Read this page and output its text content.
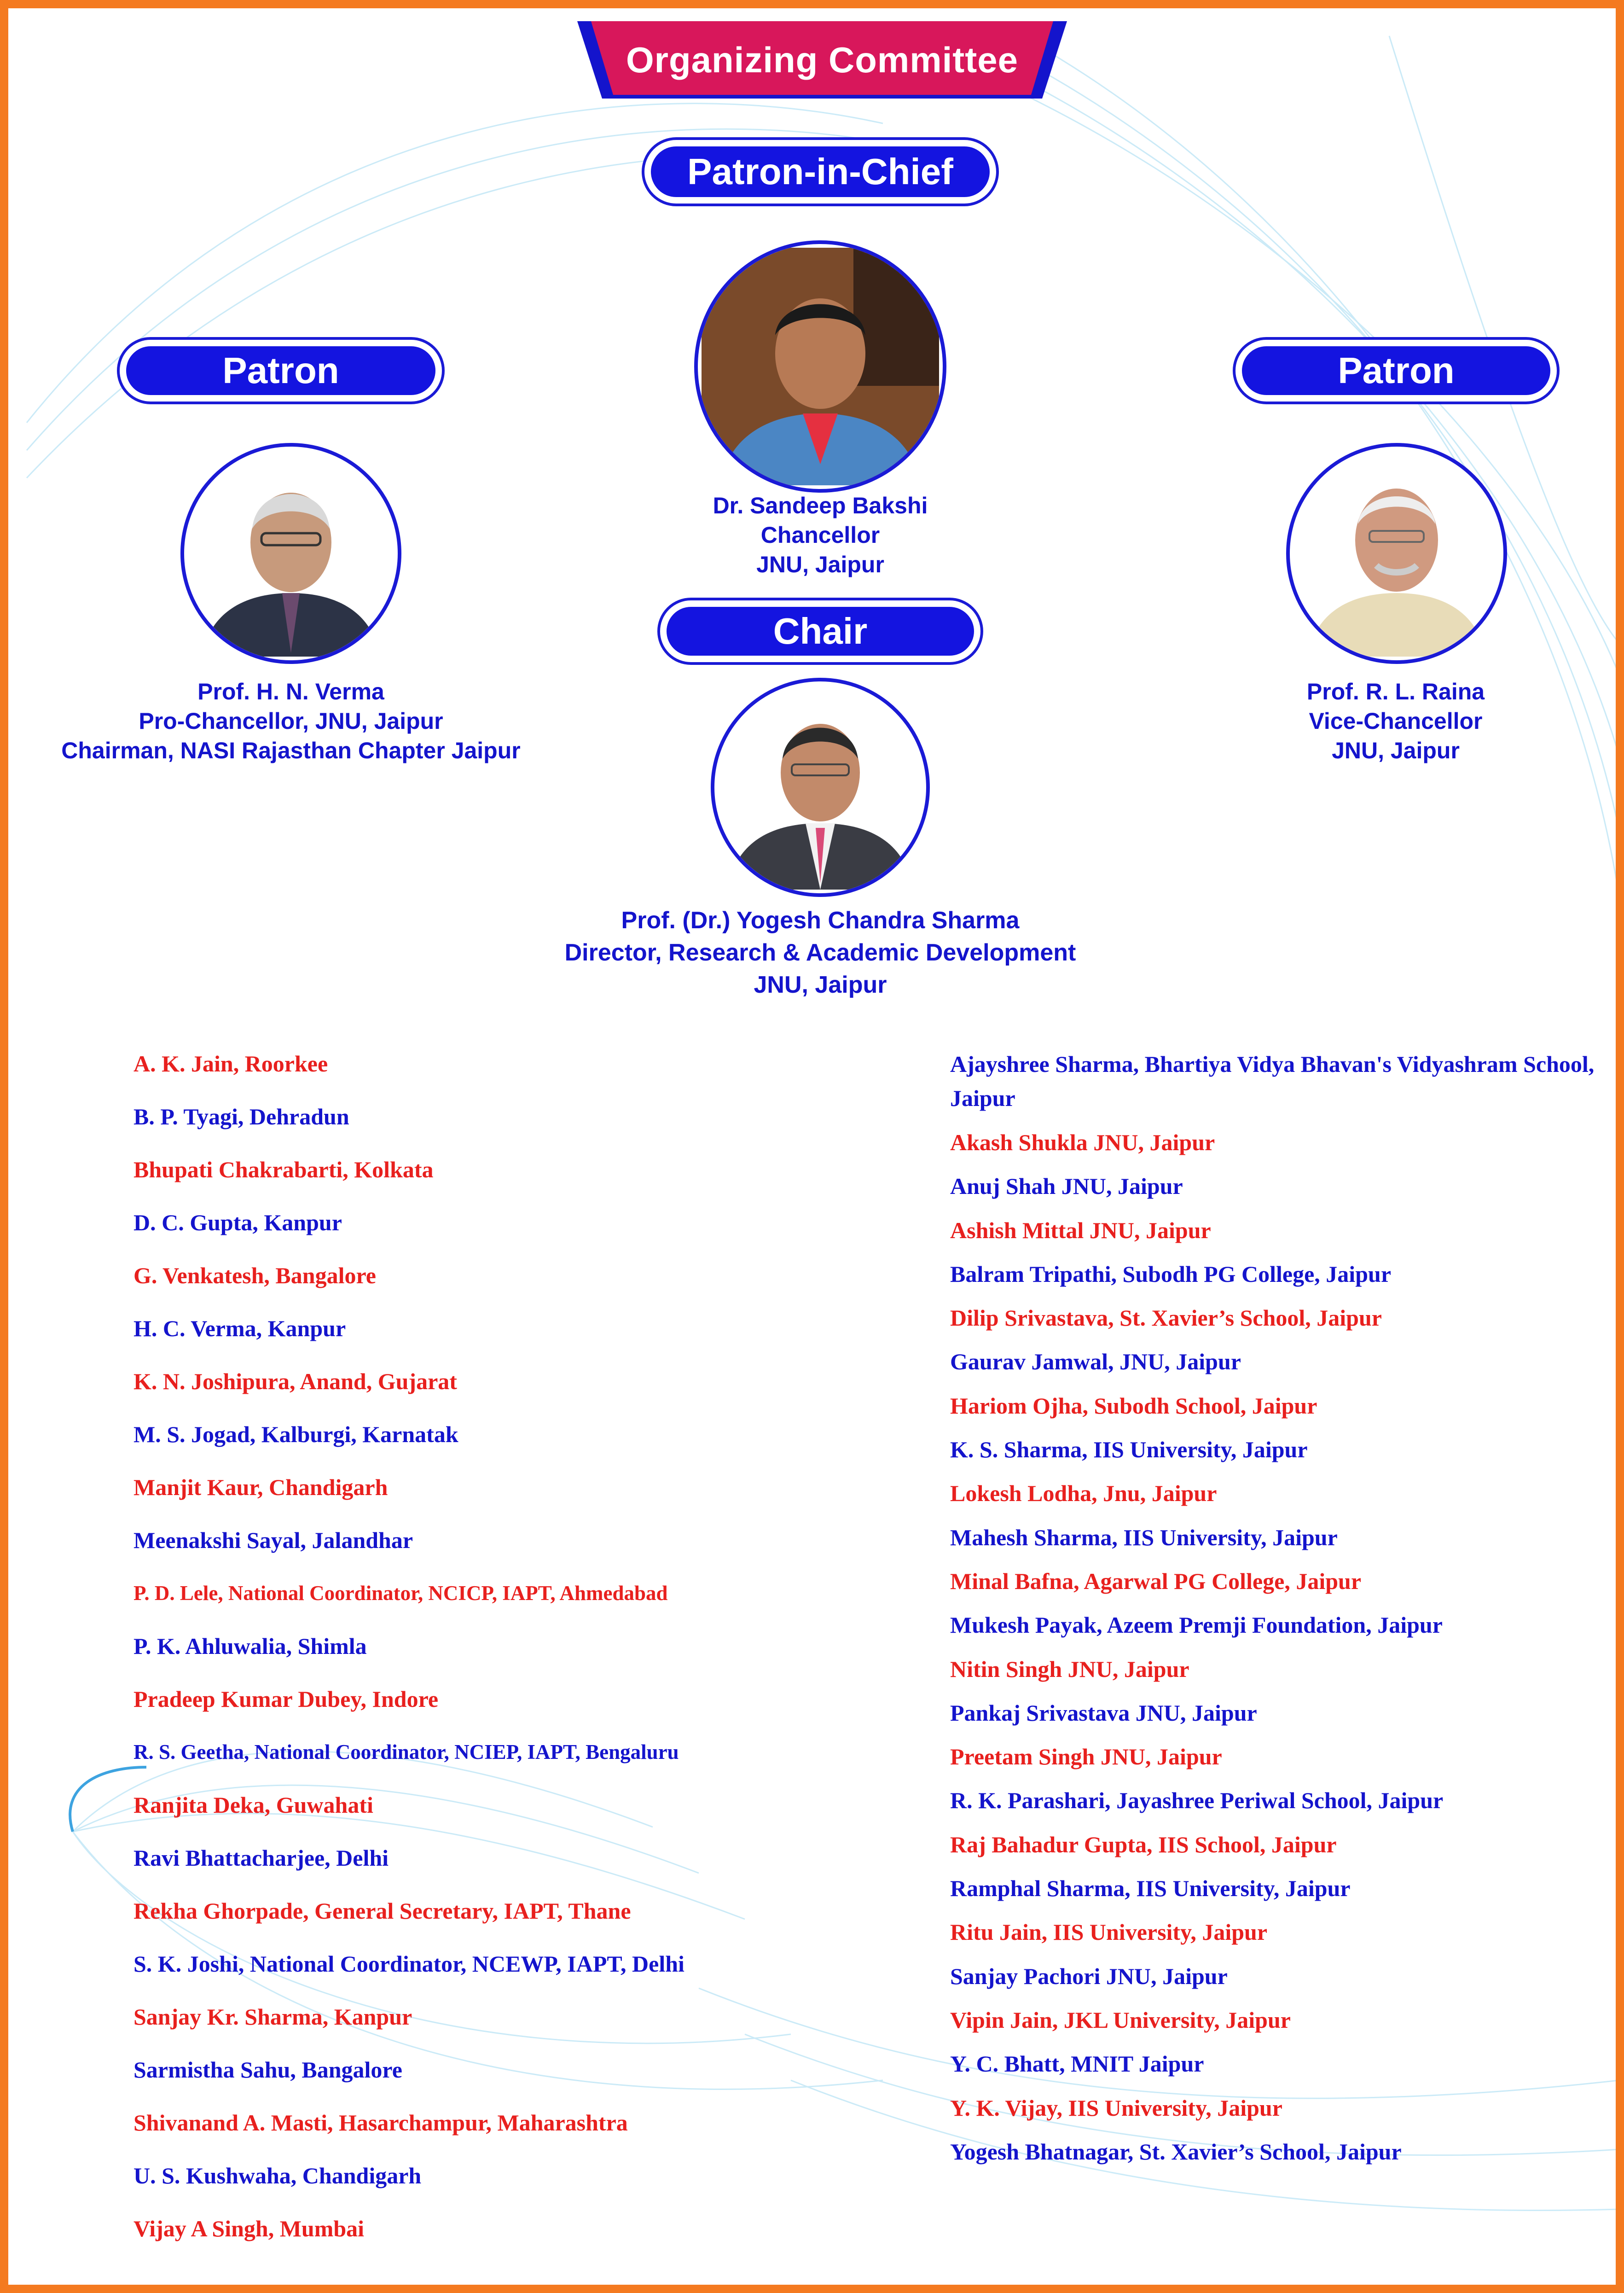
Organizing Committee
Patron-in-Chief
Dr. Sandeep Bakshi
Chancellor
JNU, Jaipur
Patron
Prof. H. N. Verma
Pro-Chancellor, JNU, Jaipur
Chairman, NASI Rajasthan Chapter Jaipur
Patron
Prof. R. L. Raina
Vice-Chancellor
JNU, Jaipur
Chair
Prof. (Dr.) Yogesh Chandra Sharma
Director, Research & Academic Development
JNU, Jaipur
A. K. Jain, Roorkee
B. P. Tyagi, Dehradun
Bhupati Chakrabarti, Kolkata
D. C. Gupta, Kanpur
G. Venkatesh, Bangalore
H. C. Verma, Kanpur
K. N. Joshipura, Anand, Gujarat
M. S. Jogad, Kalburgi, Karnatak
Manjit Kaur, Chandigarh
Meenakshi Sayal, Jalandhar
P. D. Lele, National Coordinator, NCICP, IAPT, Ahmedabad
P. K. Ahluwalia, Shimla
Pradeep Kumar Dubey, Indore
R. S. Geetha, National Coordinator, NCIEP, IAPT, Bengaluru
Ranjita Deka, Guwahati
Ravi Bhattacharjee, Delhi
Rekha Ghorpade, General Secretary, IAPT, Thane
S. K. Joshi, National Coordinator, NCEWP, IAPT, Delhi
Sanjay Kr. Sharma, Kanpur
Sarmistha Sahu, Bangalore
Shivanand A. Masti, Hasarchampur, Maharashtra
U. S. Kushwaha, Chandigarh
Vijay A Singh, Mumbai
Ajayshree Sharma, Bhartiya Vidya Bhavan's Vidyashram School, Jaipur
Akash Shukla JNU, Jaipur
Anuj Shah JNU, Jaipur
Ashish Mittal JNU, Jaipur
Balram Tripathi, Subodh PG College, Jaipur
Dilip Srivastava, St. Xavier’s School, Jaipur
Gaurav Jamwal, JNU, Jaipur
Hariom Ojha, Subodh School, Jaipur
K. S. Sharma, IIS University, Jaipur
Lokesh Lodha, Jnu, Jaipur
Mahesh Sharma, IIS University, Jaipur
Minal Bafna, Agarwal PG College, Jaipur
Mukesh Payak, Azeem Premji Foundation, Jaipur
Nitin Singh JNU, Jaipur
Pankaj Srivastava JNU, Jaipur
Preetam Singh JNU, Jaipur
R. K. Parashari, Jayashree Periwal School, Jaipur
Raj Bahadur Gupta, IIS School, Jaipur
Ramphal Sharma, IIS University, Jaipur
Ritu Jain, IIS University, Jaipur
Sanjay Pachori JNU, Jaipur
Vipin Jain, JKL University, Jaipur
Y. C. Bhatt, MNIT Jaipur
Y. K. Vijay, IIS University, Jaipur
Yogesh Bhatnagar, St. Xavier’s School, Jaipur
